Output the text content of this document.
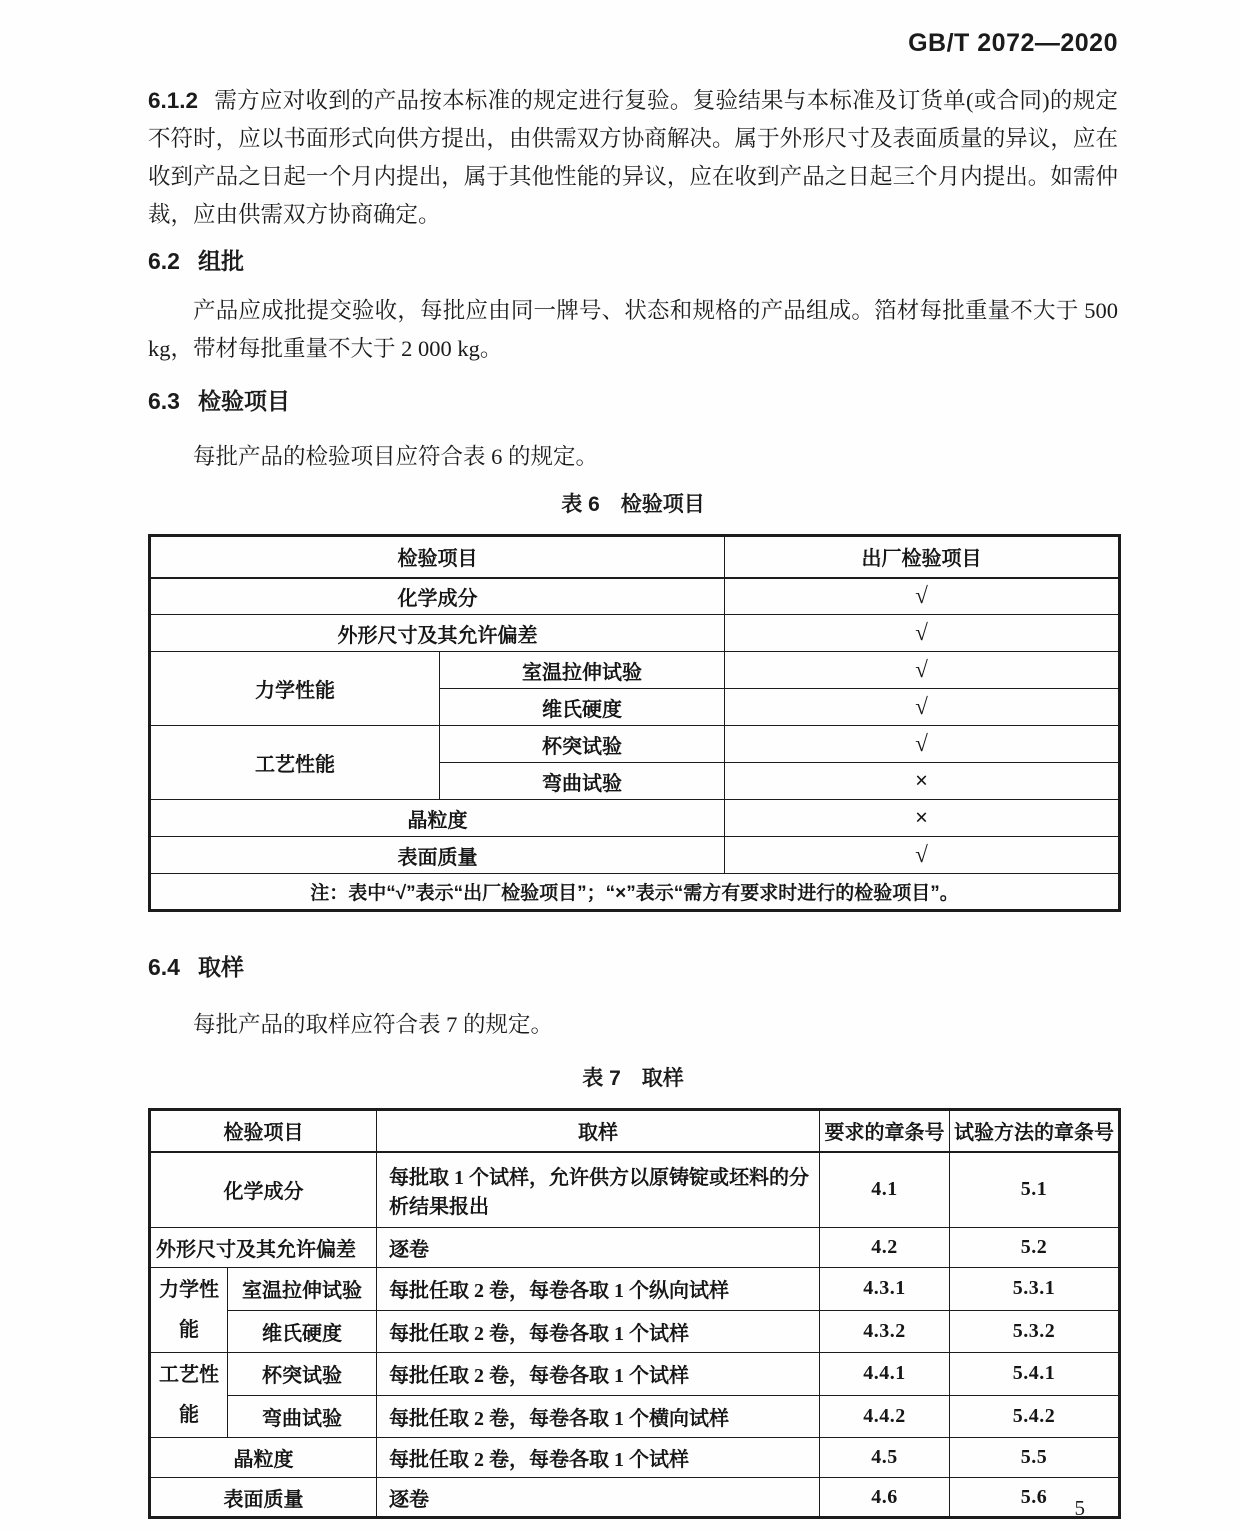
GB/T 2072—2020

6.1.2 需方应对收到的产品按本标准的规定进行复验。复验结果与本标准及订货单(或合同)的规定不符时，应以书面形式向供方提出，由供需双方协商解决。属于外形尺寸及表面质量的异议，应在收到产品之日起一个月内提出，属于其他性能的异议，应在收到产品之日起三个月内提出。如需仲裁，应由供需双方协商确定。

6.2 组批

产品应成批提交验收，每批应由同一牌号、状态和规格的产品组成。箔材每批重量不大于 500 kg，带材每批重量不大于 2 000 kg。

6.3 检验项目

每批产品的检验项目应符合表 6 的规定。

表 6　检验项目
检验项目		出厂检验项目
化学成分		√
外形尺寸及其允许偏差		√
力学性能	室温拉伸试验	√
	维氏硬度	√
工艺性能	杯突试验	√
	弯曲试验	×
晶粒度		×
表面质量		√
注：表中“√”表示“出厂检验项目”；“×”表示“需方有要求时进行的检验项目”。		
6.4 取样

每批产品的取样应符合表 7 的规定。

表 7　取样
检验项目		取样	要求的章条号	试验方法的章条号
化学成分		每批取 1 个试样，允许供方以原铸锭或坯料的分析结果报出	4.1	5.1
外形尺寸及其允许偏差		逐卷	4.2	5.2
力学性能	室温拉伸试验	每批任取 2 卷，每卷各取 1 个纵向试样	4.3.1	5.3.1
	维氏硬度	每批任取 2 卷，每卷各取 1 个试样	4.3.2	5.3.2
工艺性能	杯突试验	每批任取 2 卷，每卷各取 1 个试样	4.4.1	5.4.1
	弯曲试验	每批任取 2 卷，每卷各取 1 个横向试样	4.4.2	5.4.2
晶粒度		每批任取 2 卷，每卷各取 1 个试样	4.5	5.5
表面质量		逐卷	4.6	5.6 5
